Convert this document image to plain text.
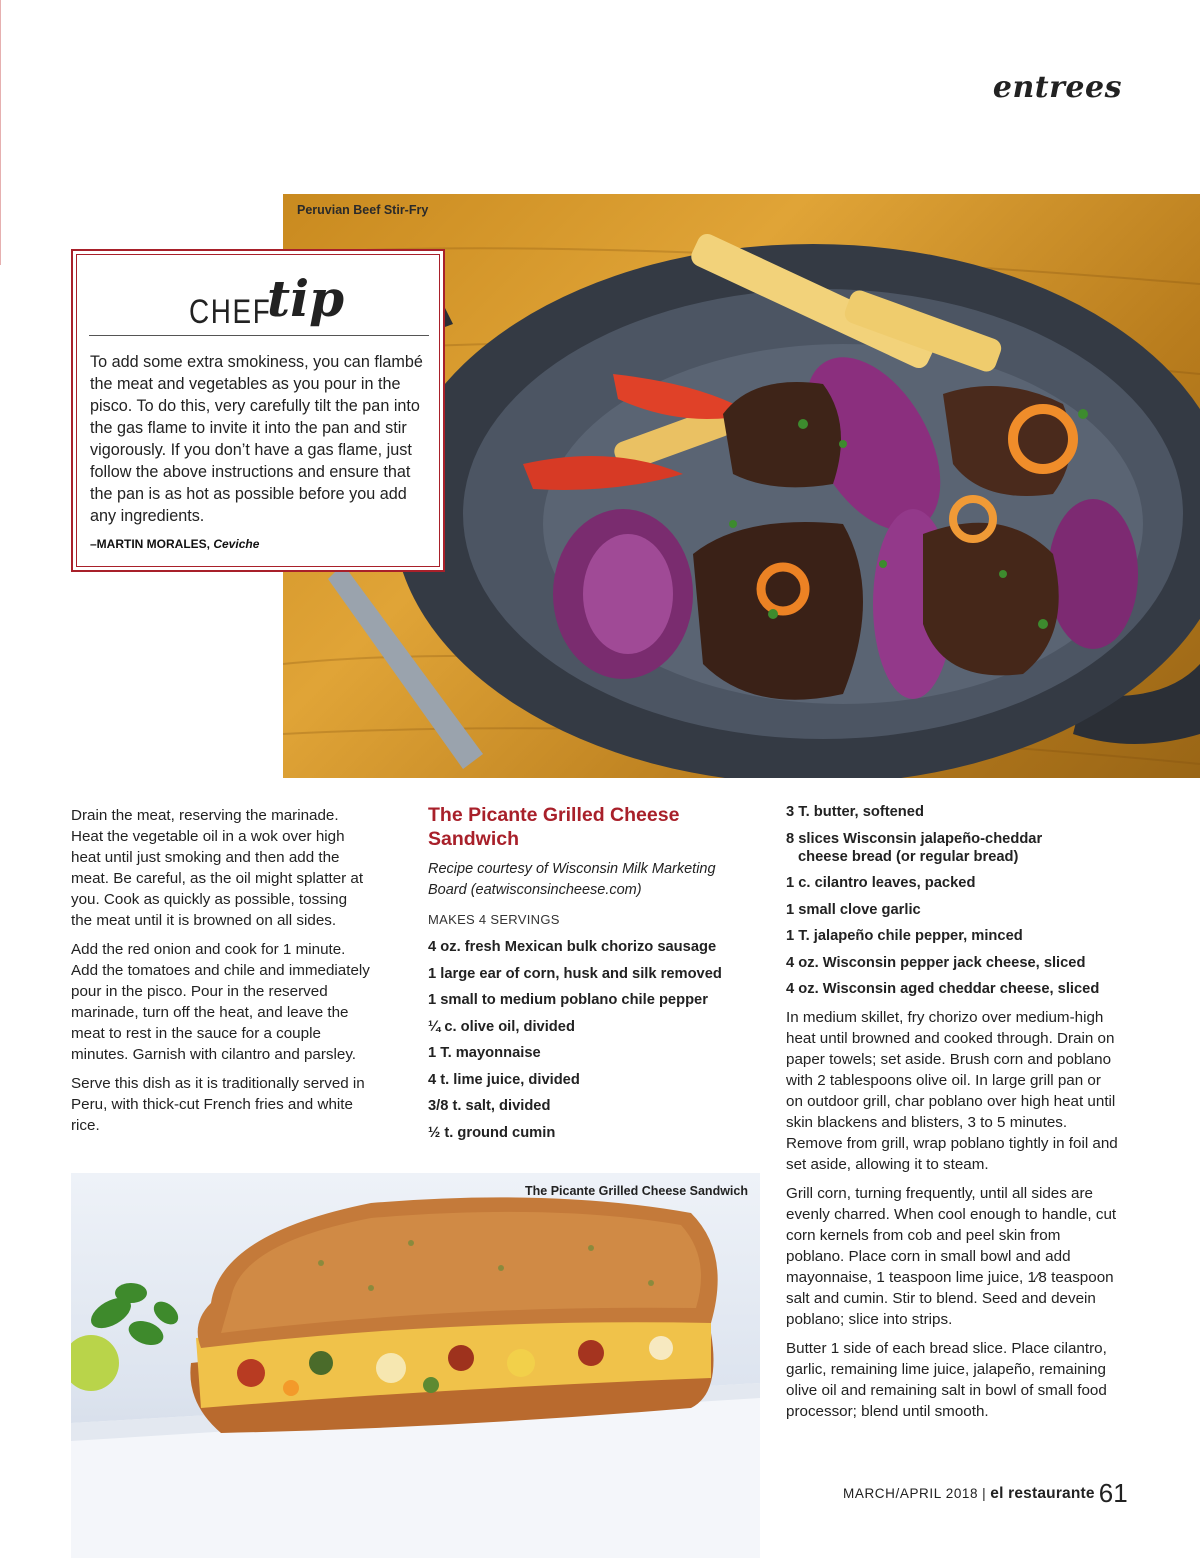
entrees
Peruvian Beef Stir-Fry
CHEF
tip
To add some extra smokiness, you can flambé the meat and vegetables as you pour in the pisco. To do this, very carefully tilt the pan into the gas flame to invite it into the pan and stir vigorously. If you don’t have a gas flame, just follow the above instructions and ensure that the pan is as hot as possible before you add any ingredients.
–MARTIN MORALES, Ceviche

Drain the meat, reserving the marinade. Heat the vegetable oil in a wok over high heat until just smoking and then add the meat. Be careful, as the oil might splatter at you. Cook as quickly as possible, tossing the meat until it is browned on all sides.

Add the red onion and cook for 1 minute. Add the tomatoes and chile and immediately pour in the pisco. Pour in the reserved marinade, turn off the heat, and leave the meat to rest in the sauce for a couple minutes. Garnish with cilantro and parsley.

Serve this dish as it is traditionally served in Peru, with thick-cut French fries and white rice.

The Picante Grilled Cheese Sandwich
Recipe courtesy of Wisconsin Milk Marketing Board (eatwisconsincheese.com)
MAKES 4 SERVINGS
4 oz. fresh Mexican bulk chorizo sausage
1 large ear of corn, husk and silk removed
1 small to medium poblano chile pepper
¼ c. olive oil, divided
1 T. mayonnaise
4 t. lime juice, divided
3/8 t. salt, divided
½ t. ground cumin
3 T. butter, softened
8 slices Wisconsin jalapeño-cheddar
cheese bread (or regular bread)
1 c. cilantro leaves, packed
1 small clove garlic
1 T. jalapeño chile pepper, minced
4 oz. Wisconsin pepper jack cheese, sliced
4 oz. Wisconsin aged cheddar cheese, sliced

In medium skillet, fry chorizo over medium-high heat until browned and cooked through. Drain on paper towels; set aside. Brush corn and poblano with 2 tablespoons olive oil. In large grill pan or on outdoor grill, char poblano over high heat until skin blackens and blisters, 3 to 5 minutes. Remove from grill, wrap poblano tightly in foil and set aside, allowing it to steam.

Grill corn, turning frequently, until all sides are evenly charred. When cool enough to handle, cut corn kernels from cob and peel skin from poblano. Place corn in small bowl and add mayonnaise, 1 teaspoon lime juice, 1⁄8 teaspoon salt and cumin. Stir to blend. Seed and devein poblano; slice into strips.

Butter 1 side of each bread slice. Place cilantro, garlic, remaining lime juice, jalapeño, remaining olive oil and remaining salt in bowl of small food processor; blend until smooth.

The Picante Grilled Cheese Sandwich
MARCH/APRIL 2018 | el restaurante 61
